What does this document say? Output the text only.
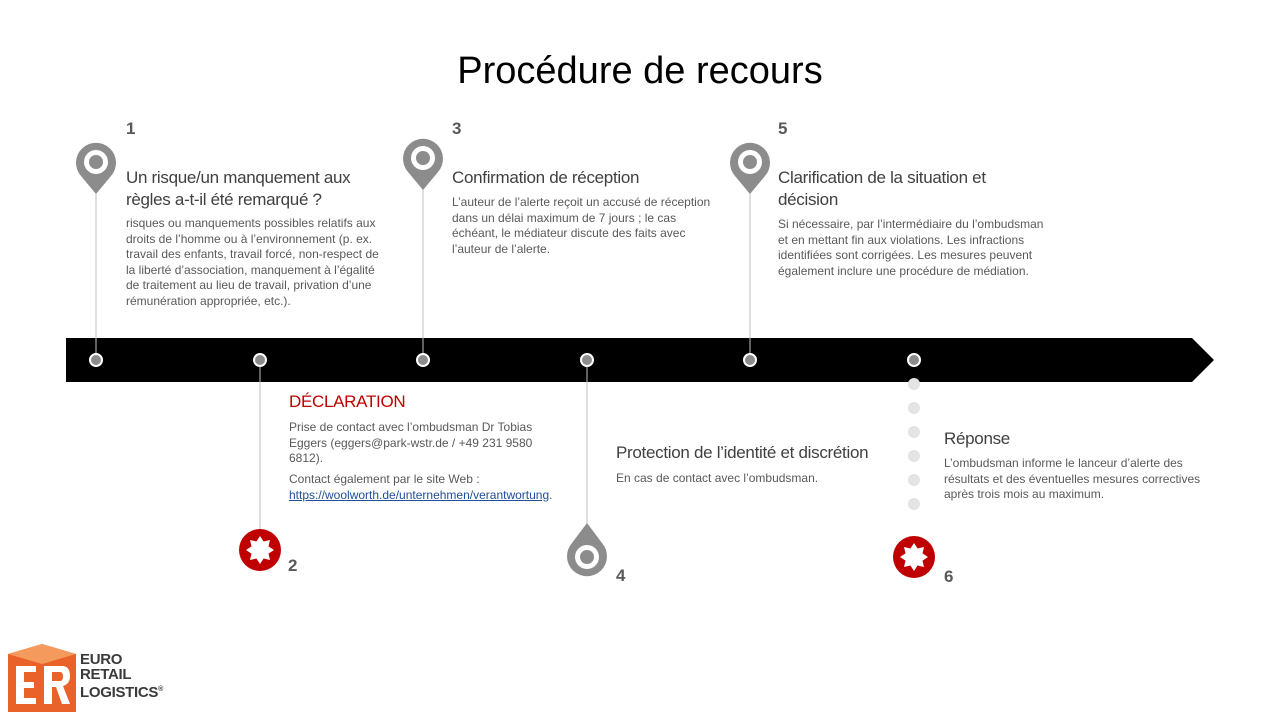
Procédure de recours
1
Un risque/un manquement aux règles a-t-il été remarqué ?
risques ou manquements possibles relatifs aux droits de l’homme ou à l’environnement (p. ex. travail des enfants, travail forcé, non-respect de la liberté d’association, manquement à l’égalité de traitement au lieu de travail, privation d’une rémunération appropriée, etc.).
DÉCLARATION
Prise de contact avec l’ombudsman Dr Tobias Eggers (eggers@park-wstr.de / +49 231 9580 6812).
Contact également par le site Web :
https://woolworth.de/unternehmen/verantwortung.
2
3
Confirmation de réception
L’auteur de l’alerte reçoit un accusé de réception dans un délai maximum de 7 jours ; le cas échéant, le médiateur discute des faits avec l’auteur de l’alerte.
Protection de l’identité et discrétion
En cas de contact avec l’ombudsman.
4
5
Clarification de la situation et décision
Si nécessaire, par l’intermédiaire du l’ombudsman et en mettant fin aux violations. Les infractions identifiées sont corrigées. Les mesures peuvent également inclure une procédure de médiation.
Réponse
L’ombudsman informe le lanceur d’alerte des résultats et des éventuelles mesures correctives après trois mois au maximum.
6
EURO
RETAIL
LOGISTICS®
